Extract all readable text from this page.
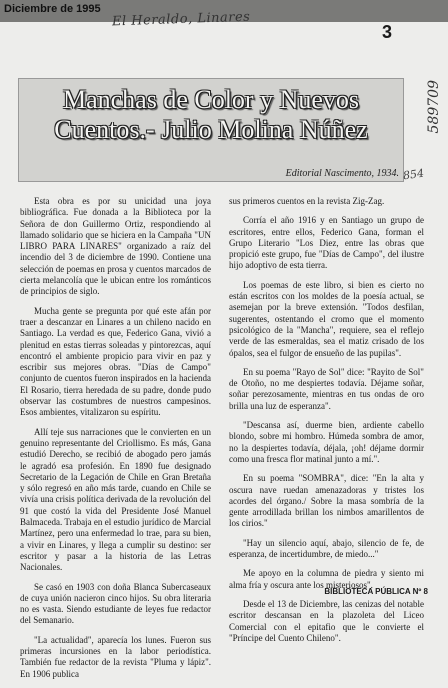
Diciembre de 1995
El Heraldo, Linares
3
589709
Manchas de Color y Nuevos Cuentos.- Julio Molina Núñez
Editorial Nascimento, 1934. 854

Esta obra es por su unicidad una joya bibliográfica. Fue donada a la Biblioteca por la Señora de don Guillermo Ortiz, respondiendo al llamado solidario que se hiciera en la Campaña "UN LIBRO PARA LINARES" organizado a raíz del incendio del 3 de diciembre de 1990. Contiene una selección de poemas en prosa y cuentos marcados de cierta melancolía que le ubican entre los románticos de principios de siglo.

Mucha gente se pregunta por qué este afán por traer a descanzar en Linares a un chileno nacido en Santiago. La verdad es que, Federico Gana, vivió a plenitud en estas tierras soleadas y pintorezcas, aquí encontró el ambiente propicio para vivir en paz y escribir sus mejores obras. "Días de Campo" conjunto de cuentos fueron inspirados en la hacienda El Rosario, tierra heredada de su padre, donde pudo observar las costumbres de nuestros campesinos. Esos ambientes, vitalizaron su espíritu.

Allí teje sus narraciones que le convierten en un genuino representante del Criollismo. Es más, Gana estudió Derecho, se recibió de abogado pero jamás le agradó esa profesión. En 1890 fue designado Secretario de la Legación de Chile en Gran Bretaña y sólo regresó en año más tarde, cuando en Chile se vivía una crisis política derivada de la revolución del 91 que costó la vida del Presidente José Manuel Balmaceda. Trabaja en el estudio jurídico de Marcial Martínez, pero una enfermedad lo trae, para su bien, a vivir en Linares, y llega a cumplir su destino: ser escritor y pasar a la historia de las Letras Nacionales.

Se casó en 1903 con doña Blanca Subercaseaux de cuya unión nacieron cinco hijos. Su obra literaria no es vasta. Siendo estudiante de leyes fue redactor del Semanario.

"La actualidad", aparecía los lunes. Fueron sus primeras incursiones en la labor periodística. También fue redactor de la revista "Pluma y lápiz". En 1906 publica

sus primeros cuentos en la revista Zig-Zag.

Corría el año 1916 y en Santiago un grupo de escritores, entre ellos, Federico Gana, forman el Grupo Literario "Los Diez, entre las obras que propició este grupo, fue "Días de Campo", del ilustre hijo adoptivo de esta tierra.

Los poemas de este libro, si bien es cierto no están escritos con los moldes de la poesía actual, se asemejan por la breve extensión. "Todos desfilan, sugerentes, ostentando el cromo que el momento psicológico de la "Mancha", requiere, sea el reflejo verde de las esmeraldas, sea el matiz crisado de los ópalos, sea el fulgor de ensueño de las pupilas".

En su poema "Rayo de Sol" dice: "Rayito de Sol" de Otoño, no me despiertes todavía. Déjame soñar, soñar perezosamente, mientras en tus ondas de oro brilla una luz de esperanza".

"Descansa así, duerme bien, ardiente cabello blondo, sobre mi hombro. Húmeda sombra de amor, no la despiertes todavía, déjala, ¡oh! déjame dormir como una fresca flor matinal junto a mí.".

En su poema "SOMBRA", dice: "En la alta y oscura nave ruedan amenazadoras y tristes los acordes del órgano./ Sobre la masa sombría de la gente arrodillada brillan los nimbos amarillentos de los cirios."

"Hay un silencio aquí, abajo, silencio de fe, de esperanza, de incertidumbre, de miedo..."

Me apoyo en la columna de piedra y siento mi alma fría y oscura ante los misteriosos".

Desde el 13 de Diciembre, las cenizas del notable escritor descansan en la plazoleta del Liceo Comercial con el epitafio que le convierte el "Príncipe del Cuento Chileno".

BIBLIOTECA PÚBLICA Nº 8
